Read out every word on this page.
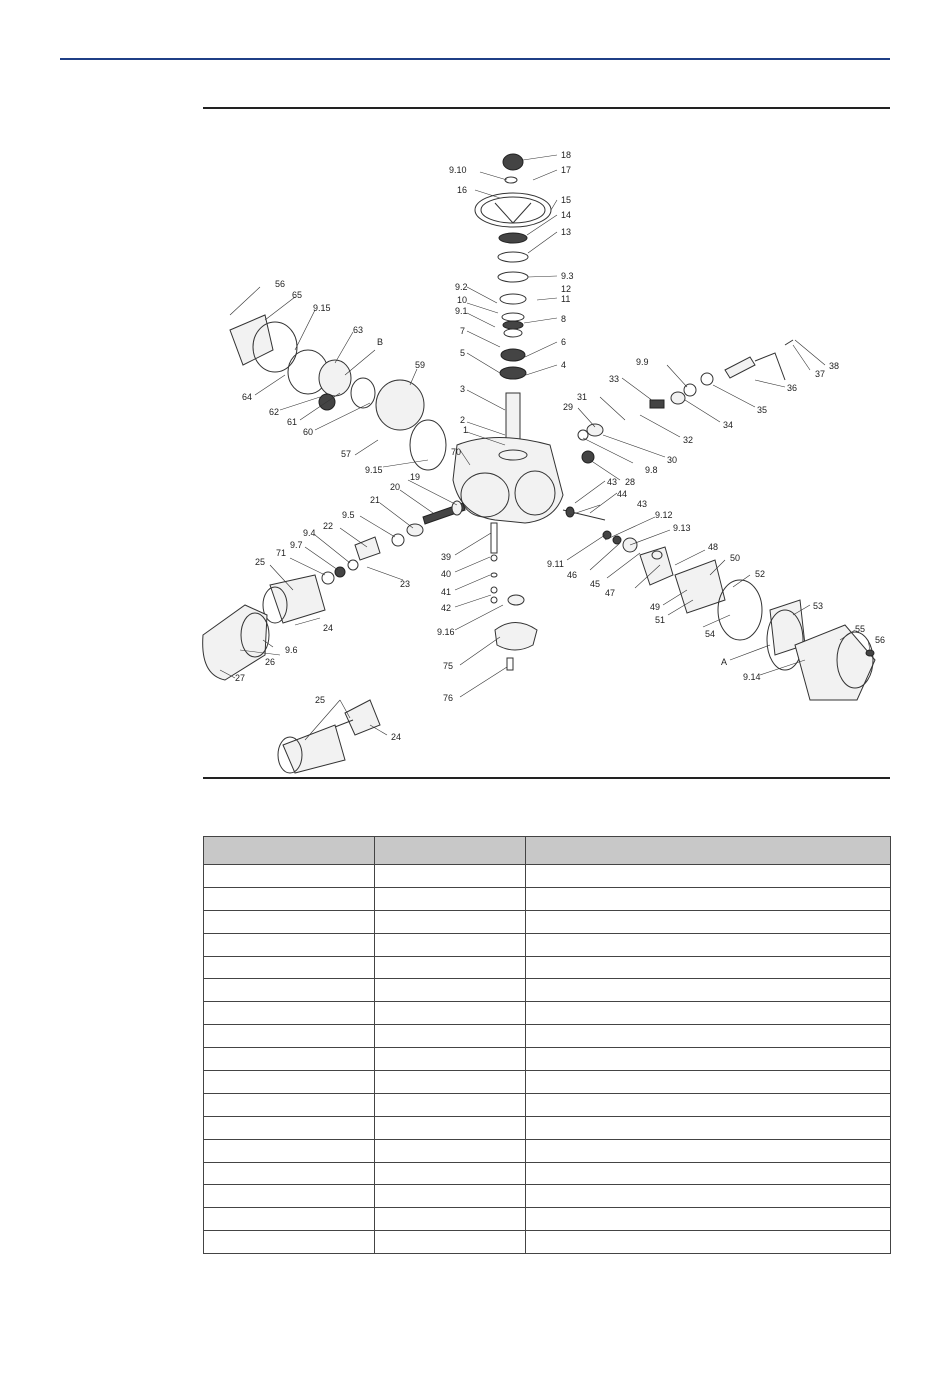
18
9.10	17
16
15
14
13
9.3
12
9.2
11
10
9.1
8
7
6
5
4
3
2
1
70
56
65
9.15
63
B
59
64
62
61
60
57
9.15
9.9
33
31
29
30
32
34
35
36
37
38
9.8
28
19
20
21
9.5
22
9.4
9.7
71
25
23
24
26
9.6
27
39
40
41
42
9.16
75
76
43
44
43
9.12
9.13
9.11
46
45
47
48
49
50
51
52
54
53
55
56
A
9.14
25
24
